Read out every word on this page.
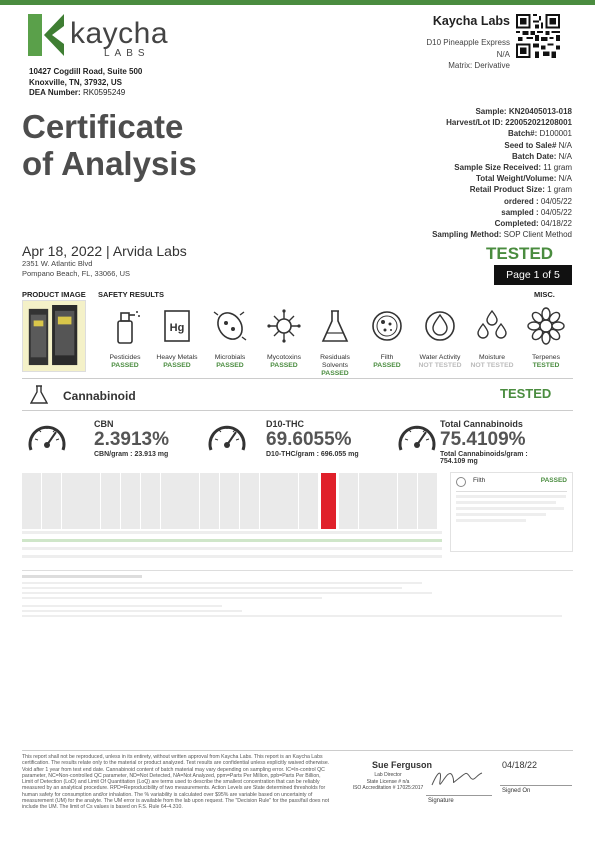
kaycha
LABS
10427 Cogdill Road, Suite 500
Knoxville, TN, 37932, US
DEA Number: RK0595249
Kaycha Labs
D10 Pineapple Express
N/A
Matrix: Derivative
Certificate
of Analysis
Sample: KN20405013-018
Harvest/Lot ID: 220052021208001
Batch#: D100001
Seed to Sale# N/A
Batch Date: N/A
Sample Size Received: 11 gram
Total Weight/Volume: N/A
Retail Product Size: 1 gram
ordered : 04/05/22
sampled : 04/05/22
Completed: 04/18/22
Sampling Method: SOP Client Method
Apr 18, 2022 | Arvida Labs
2351 W. Atlantic Blvd
Pompano Beach, FL, 33066, US
TESTED
Page 1 of 5
PRODUCT IMAGE SAFETY RESULTS	MISC.
Pesticides
PASSED
Hg
Heavy Metals
PASSED
Microbials
PASSED
Mycotoxins
PASSED
Residuals Solvents
PASSED
Filth
PASSED
Water Activity
NOT TESTED
Moisture
NOT TESTED
Terpenes
TESTED
Cannabinoid	TESTED
CBN
2.3913%
CBN/gram : 23.913 mg
D10-THC
69.6055%
D10-THC/gram : 696.055 mg
Total Cannabinoids
75.4109%
Total Cannabinoids/gram :
754.109 mg
Filth	PASSED
This report shall not be reproduced, unless in its entirety, without written approval from Kaycha Labs. This report is an Kaycha Labs certification. The results relate only to the material or product analyzed. Test results are confidential unless explicitly waived otherwise. Void after 1 year from test end date. Cannabinoid content of batch material may vary depending on sampling error. IC=In-control QC parameter, NC=Non-controlled QC parameter, ND=Not Detected, NA=Not Analyzed, ppm=Parts Per Million, ppb=Parts Per Billion, Limit of Detection (LoD) and Limit Of Quantitation (LoQ) are terms used to describe the smallest concentration that can be reliably measured by an analytical procedure. RPD=Reproducibility of two measurements. Action Levels are State determined thresholds for human safety for consumption and/or inhalation. The % variability is calculated over $95% are variable based on uncertainty of measurement (UM) for the analyte. The UM error is available from the lab upon request. The "Decision Rule" for the pass/fail does not include the UM. The limit of Cs values is based on F.S. Rule 64-4.310.
Sue Ferguson
Lab Director
State License # n/a
ISO Accreditation # 17025:2017
Signature
04/18/22
Signed On
